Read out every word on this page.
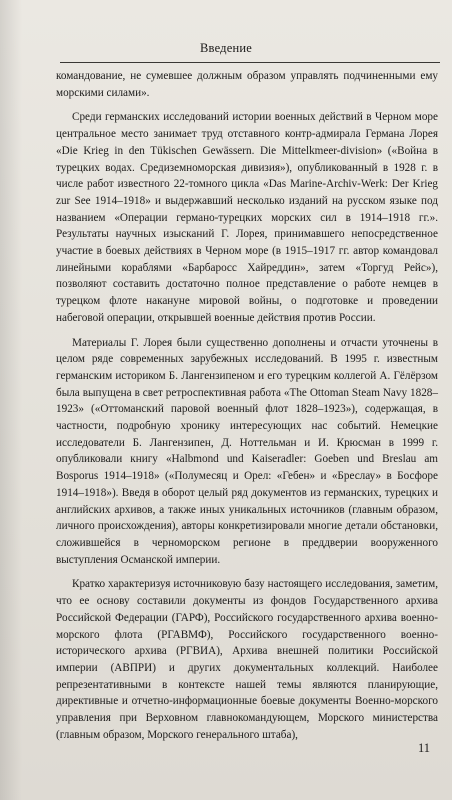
Введение

командование, не сумевшее должным образом управлять подчиненными ему морскими силами».

Среди германских исследований истории военных действий в Черном море центральное место занимает труд отставного контр-адмирала Германа Лорея «Die Krieg in den Tükischen Gewässern. Die Mittelkmeer-division» («Война в турецких водах. Средиземноморская дивизия»), опубликованный в 1928 г. в числе работ известного 22-томного цикла «Das Marine-Archiv-Werk: Der Krieg zur See 1914–1918» и выдержавший несколько изданий на русском языке под названием «Операции германо-турецких морских сил в 1914–1918 гг.». Результаты научных изысканий Г. Лорея, принимавшего непосредственное участие в боевых действиях в Черном море (в 1915–1917 гг. автор командовал линейными кораблями «Барбаросс Хайреддин», затем «Торгуд Рейс»), позволяют составить достаточно полное представление о работе немцев в турецком флоте накануне мировой войны, о подготовке и проведении набеговой операции, открывшей военные действия против России.

Материалы Г. Лорея были существенно дополнены и отчасти уточнены в целом ряде современных зарубежных исследований. В 1995 г. известным германским историком Б. Лангензипеном и его турецким коллегой А. Гёлёрзом была выпущена в свет ретроспективная работа «The Ottoman Steam Navy 1828–1923» («Оттоманский паровой военный флот 1828–1923»), содержащая, в частности, подробную хронику интересующих нас событий. Немецкие исследователи Б. Лангензипен, Д. Ноттельман и И. Крюсман в 1999 г. опубликовали книгу «Halbmond und Kaiseradler: Goeben und Breslau am Bosporus 1914–1918» («Полумесяц и Орел: «Гебен» и «Бреслау» в Босфоре 1914–1918»). Введя в оборот целый ряд документов из германских, турецких и английских архивов, а также иных уникальных источников (главным образом, личного происхождения), авторы конкретизировали многие детали обстановки, сложившейся в черноморском регионе в преддверии вооруженного выступления Османской империи.

Кратко характеризуя источниковую базу настоящего исследования, заметим, что ее основу составили документы из фондов Государственного архива Российской Федерации (ГАРФ), Российского государственного архива военно-морского флота (РГАВМФ), Российского государственного военно-исторического архива (РГВИА), Архива внешней политики Российской империи (АВПРИ) и других документальных коллекций. Наиболее репрезентативными в контексте нашей темы являются планирующие, директивные и отчетно-информационные боевые документы Военно-морского управления при Верховном главнокомандующем, Морского министерства (главным образом, Морского генерального штаба),

11
